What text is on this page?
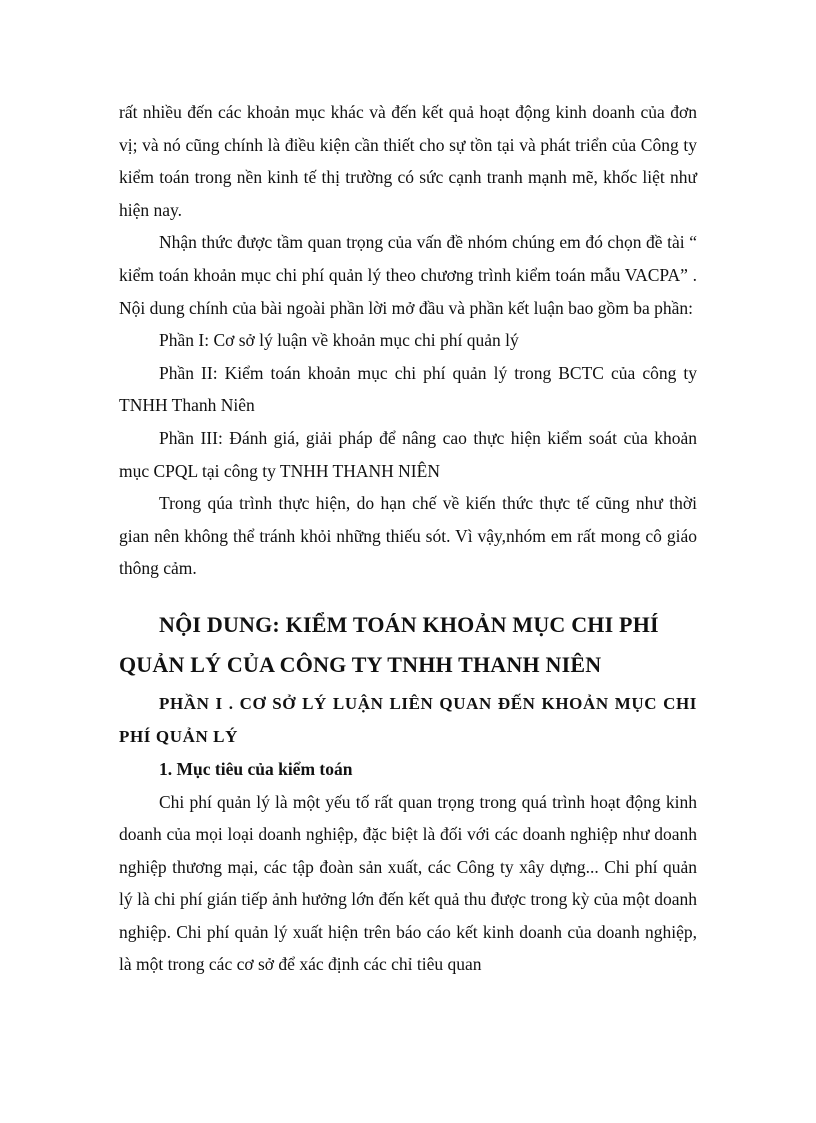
rất nhiều đến các khoản mục khác và đến kết quả hoạt động kinh doanh của đơn vị; và nó cũng chính là điều kiện cần thiết cho sự tồn tại và phát triển của Công ty kiểm toán trong nền kinh tế thị trường có sức cạnh tranh mạnh mẽ, khốc liệt như hiện nay.

Nhận thức được tầm quan trọng của vấn đề nhóm chúng em đó chọn đề tài “ kiểm toán khoản mục chi phí quản lý theo chương trình kiểm toán mẫu VACPA” . Nội dung chính của bài ngoài phần lời mở đầu và phần kết luận bao gồm ba phần:

Phần I: Cơ sở lý luận về khoản mục chi phí quản lý

Phần II: Kiểm toán khoản mục chi phí quản lý trong BCTC của công ty TNHH Thanh Niên

Phần III: Đánh giá, giải pháp để nâng cao thực hiện kiểm soát của khoản mục CPQL tại công ty TNHH THANH NIÊN

Trong qúa trình thực hiện, do hạn chế về kiến thức thực tế cũng như thời gian nên không thể tránh khỏi những thiếu sót. Vì vậy,nhóm em rất mong cô giáo thông cảm.

NỘI DUNG: KIỂM TOÁN KHOẢN MỤC CHI PHÍ QUẢN LÝ CỦA CÔNG TY TNHH THANH NIÊN

PHẦN I . CƠ SỞ LÝ LUẬN LIÊN QUAN ĐẾN KHOẢN MỤC CHI PHÍ QUẢN LÝ

1. Mục tiêu của kiểm toán

Chi phí quản lý là một yếu tố rất quan trọng trong quá trình hoạt động kinh doanh của mọi loại doanh nghiệp, đặc biệt là đối với các doanh nghiệp như doanh nghiệp thương mại, các tập đoàn sản xuất, các Công ty xây dựng... Chi phí quản lý là chi phí gián tiếp ảnh hưởng lớn đến kết quả thu được trong kỳ của một doanh nghiệp. Chi phí quản lý xuất hiện trên báo cáo kết kinh doanh của doanh nghiệp, là một trong các cơ sở để xác định các chỉ tiêu quan
